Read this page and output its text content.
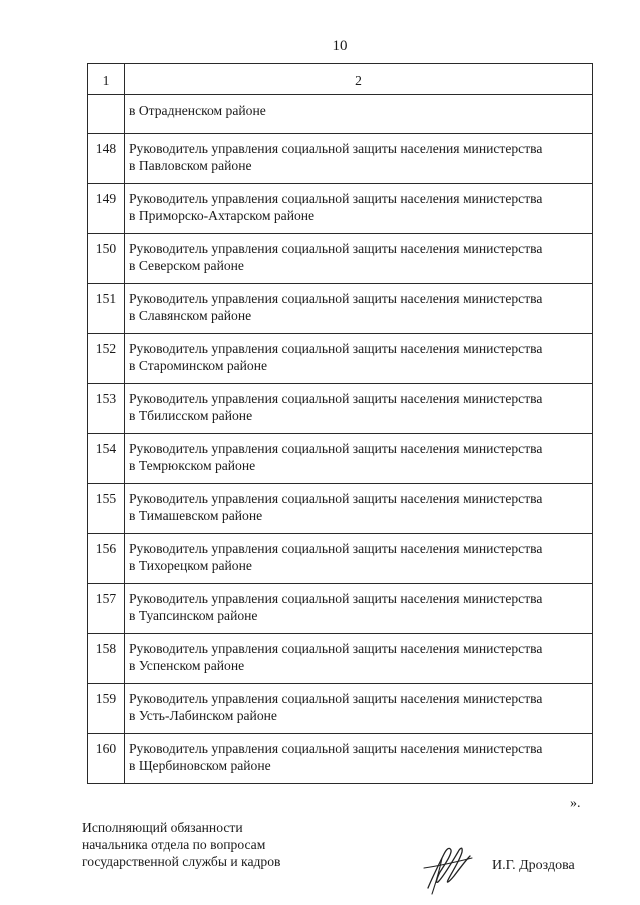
10
1	2
	в Отрадненском районе
148	Руководитель управления социальной защиты населения министерства
в Павловском районе

149	Руководитель управления социальной защиты населения министерства
в Приморско-Ахтарском районе

150	Руководитель управления социальной защиты населения министерства
в Северском районе

151	Руководитель управления социальной защиты населения министерства
в Славянском районе

152	Руководитель управления социальной защиты населения министерства
в Староминском районе

153	Руководитель управления социальной защиты населения министерства
в Тбилисском районе

154	Руководитель управления социальной защиты населения министерства
в Темрюкском районе

155	Руководитель управления социальной защиты населения министерства
в Тимашевском районе

156	Руководитель управления социальной защиты населения министерства
в Тихорецком районе

157	Руководитель управления социальной защиты населения министерства
в Туапсинском районе

158	Руководитель управления социальной защиты населения министерства
в Успенском районе

159	Руководитель управления социальной защиты населения министерства
в Усть-Лабинском районе

160	Руководитель управления социальной защиты населения министерства
в Щербиновском районе
».
Исполняющий обязанности
начальника отдела по вопросам
государственной службы и кадров	И.Г. Дроздова
